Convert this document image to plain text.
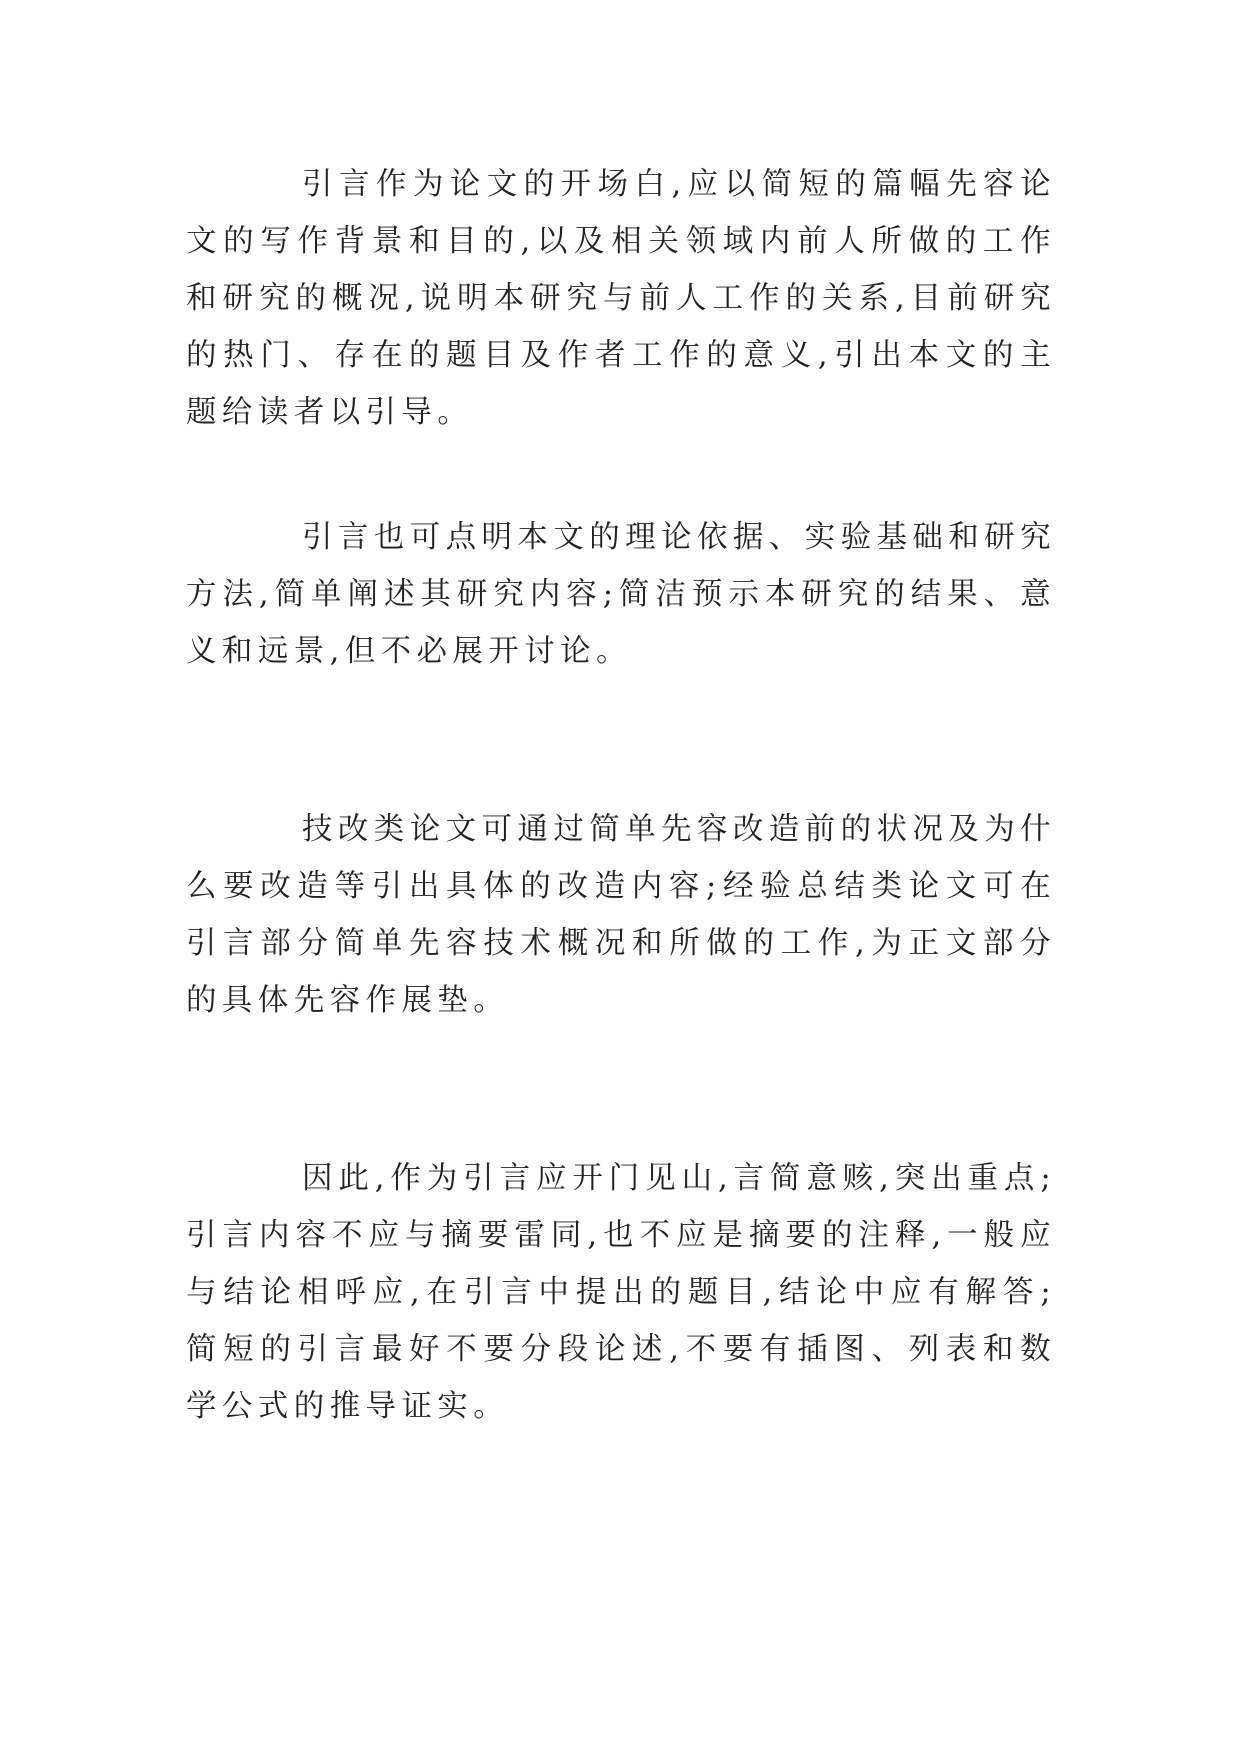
引言作为论文的开场白,应以简短的篇幅先容论文的写作背景和目的,以及相关领域内前人所做的工作和研究的概况,说明本研究与前人工作的关系,目前研究的热门、存在的题目及作者工作的意义,引出本文的主题给读者以引导。

引言也可点明本文的理论依据、实验基础和研究方法,简单阐述其研究内容;简洁预示本研究的结果、意义和远景,但不必展开讨论。

技改类论文可通过简单先容改造前的状况及为什么要改造等引出具体的改造内容;经验总结类论文可在引言部分简单先容技术概况和所做的工作,为正文部分的具体先容作展垫。

因此,作为引言应开门见山,言简意赅,突出重点;引言内容不应与摘要雷同,也不应是摘要的注释,一般应与结论相呼应,在引言中提出的题目,结论中应有解答;简短的引言最好不要分段论述,不要有插图、列表和数学公式的推导证实。
